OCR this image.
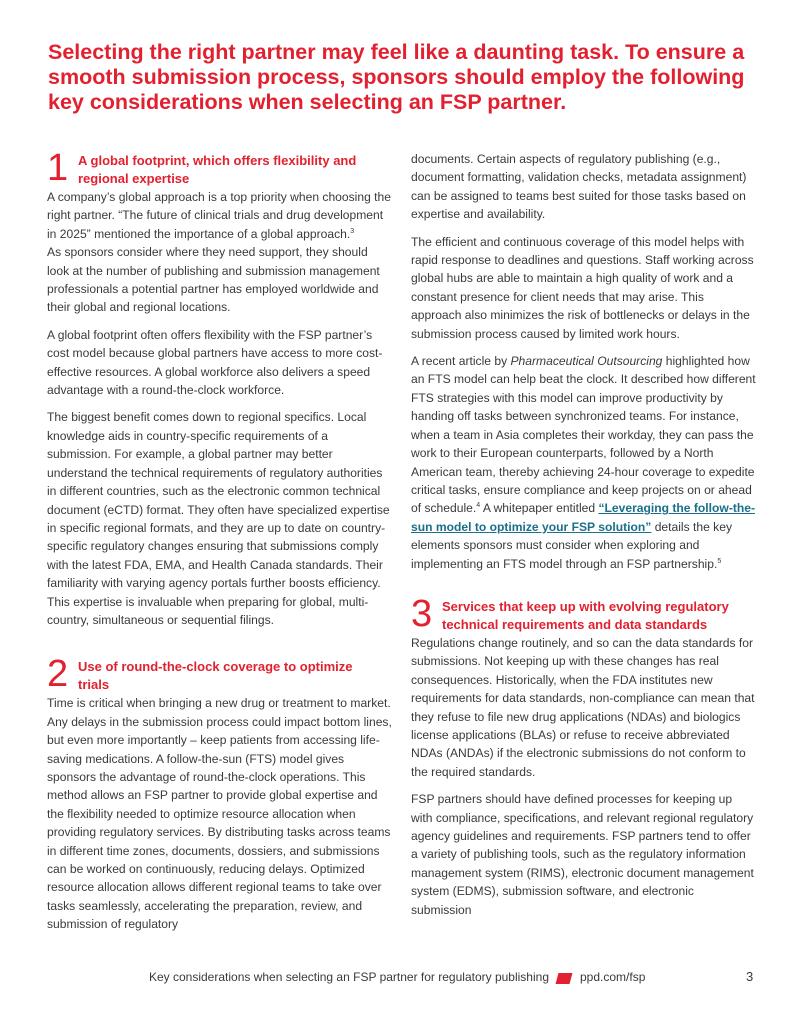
Selecting the right partner may feel like a daunting task. To ensure a smooth submission process, sponsors should employ the following key considerations when selecting an FSP partner.
1 A global footprint, which offers flexibility and regional expertise

A company’s global approach is a top priority when choosing the right partner. “The future of clinical trials and drug development in 2025” mentioned the importance of a global approach.$^3$
As sponsors consider where they need support, they should look at the number of publishing and submission management professionals a potential partner has employed worldwide and their global and regional locations.

A global footprint often offers flexibility with the FSP partner’s cost model because global partners have access to more cost-effective resources. A global workforce also delivers a speed advantage with a round-the-clock workforce.

The biggest benefit comes down to regional specifics. Local knowledge aids in country-specific requirements of a submission. For example, a global partner may better understand the technical requirements of regulatory authorities in different countries, such as the electronic common technical document (eCTD) format. They often have specialized expertise in specific regional formats, and they are up to date on country-specific regulatory changes ensuring that submissions comply with the latest FDA, EMA, and Health Canada standards. Their familiarity with varying agency portals further boosts efficiency. This expertise is invaluable when preparing for global, multi-country, simultaneous or sequential filings.

2 Use of round-the-clock coverage to optimize trials

Time is critical when bringing a new drug or treatment to market. Any delays in the submission process could impact bottom lines, but even more importantly – keep patients from accessing life-saving medications. A follow-the-sun (FTS) model gives sponsors the advantage of round-the-clock operations. This method allows an FSP partner to provide global expertise and the flexibility needed to optimize resource allocation when providing regulatory services. By distributing tasks across teams in different time zones, documents, dossiers, and submissions can be worked on continuously, reducing delays. Optimized resource allocation allows different regional teams to take over tasks seamlessly, accelerating the preparation, review, and submission of regulatory

documents. Certain aspects of regulatory publishing (e.g., document formatting, validation checks, metadata assignment) can be assigned to teams best suited for those tasks based on expertise and availability.

The efficient and continuous coverage of this model helps with rapid response to deadlines and questions. Staff working across global hubs are able to maintain a high quality of work and a constant presence for client needs that may arise. This approach also minimizes the risk of bottlenecks or delays in the submission process caused by limited work hours.

A recent article by Pharmaceutical Outsourcing highlighted how an FTS model can help beat the clock. It described how different FTS strategies with this model can improve productivity by handing off tasks between synchronized teams. For instance, when a team in Asia completes their workday, they can pass the work to their European counterparts, followed by a North American team, thereby achieving 24-hour coverage to expedite critical tasks, ensure compliance and keep projects on or ahead of schedule.$^4$ A whitepaper entitled “Leveraging the follow-the-sun model to optimize your FSP solution” details the key elements sponsors must consider when exploring and implementing an FTS model through an FSP partnership.$^5$

3 Services that keep up with evolving regulatory technical requirements and data standards

Regulations change routinely, and so can the data standards for submissions. Not keeping up with these changes has real consequences. Historically, when the FDA institutes new requirements for data standards, non-compliance can mean that they refuse to file new drug applications (NDAs) and biologics license applications (BLAs) or refuse to receive abbreviated NDAs (ANDAs) if the electronic submissions do not conform to the required standards.

FSP partners should have defined processes for keeping up with compliance, specifications, and relevant regional regulatory agency guidelines and requirements. FSP partners tend to offer a variety of publishing tools, such as the regulatory information management system (RIMS), electronic document management system (EDMS), submission software, and electronic submission

Key considerations when selecting an FSP partner for regulatory publishing	ppd.com/fsp	3
